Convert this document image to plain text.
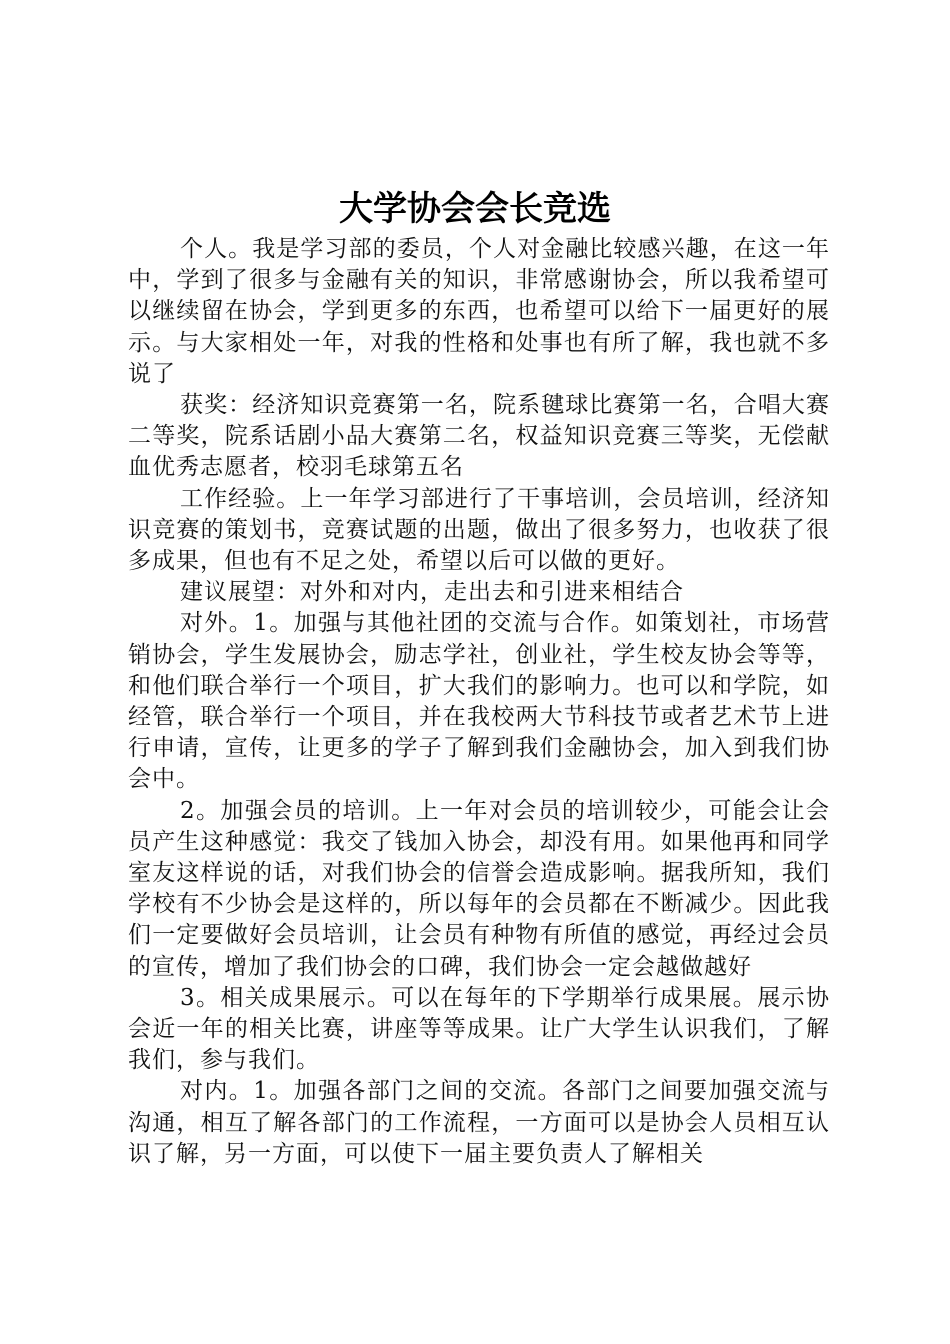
大学协会会长竞选

个人。我是学习部的委员，个人对金融比较感兴趣，在这一年中，学到了很多与金融有关的知识，非常感谢协会，所以我希望可以继续留在协会，学到更多的东西，也希望可以给下一届更好的展示。与大家相处一年，对我的性格和处事也有所了解，我也就不多说了

获奖：经济知识竞赛第一名，院系毽球比赛第一名，合唱大赛二等奖，院系话剧小品大赛第二名，权益知识竞赛三等奖，无偿献血优秀志愿者，校羽毛球第五名

工作经验。上一年学习部进行了干事培训，会员培训，经济知识竞赛的策划书，竞赛试题的出题，做出了很多努力，也收获了很多成果，但也有不足之处，希望以后可以做的更好。

建议展望：对外和对内，走出去和引进来相结合

对外。1。加强与其他社团的交流与合作。如策划社，市场营销协会，学生发展协会，励志学社，创业社，学生校友协会等等，和他们联合举行一个项目，扩大我们的影响力。也可以和学院，如经管，联合举行一个项目，并在我校两大节科技节或者艺术节上进行申请，宣传，让更多的学子了解到我们金融协会，加入到我们协会中。

2。加强会员的培训。上一年对会员的培训较少，可能会让会员产生这种感觉：我交了钱加入协会，却没有用。如果他再和同学室友这样说的话，对我们协会的信誉会造成影响。据我所知，我们学校有不少协会是这样的，所以每年的会员都在不断减少。因此我们一定要做好会员培训，让会员有种物有所值的感觉，再经过会员的宣传，增加了我们协会的口碑，我们协会一定会越做越好

3。相关成果展示。可以在每年的下学期举行成果展。展示协会近一年的相关比赛，讲座等等成果。让广大学生认识我们，了解我们，参与我们。

对内。1。加强各部门之间的交流。各部门之间要加强交流与沟通，相互了解各部门的工作流程，一方面可以是协会人员相互认识了解，另一方面，可以使下一届主要负责人了解相关
